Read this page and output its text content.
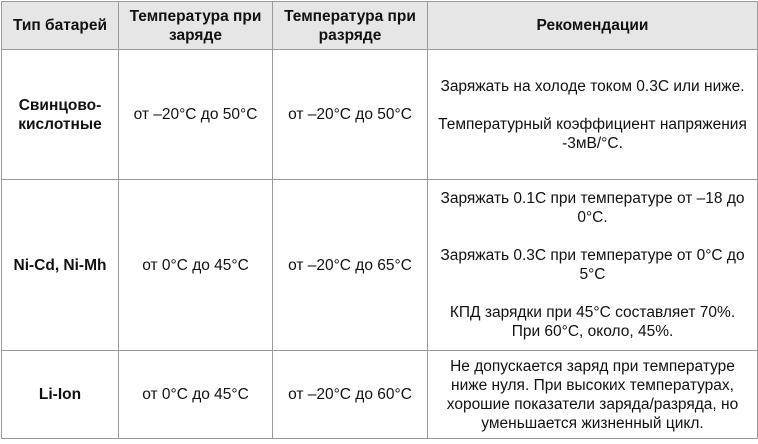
Тип батарей	Температура при заряде	Температура при разряде	Рекомендации
Свинцово-кислотные	от –20°C до 50°C	от –20°C до 50°C	Заряжать на холоде током 0.3C или ниже.

Температурный коэффициент напряжения -3мВ/°C.

Ni-Cd, Ni-Mh	от 0°C до 45°C	от –20°C до 65°C	Заряжать 0.1C при температуре от –18 до 0°C.

Заряжать 0.3C при температуре от 0°C до 5°C

КПД зарядки при 45°C составляет 70%. При 60°C, около, 45%.

Li-Ion	от 0°C до 45°C	от –20°C до 60°C	Не допускается заряд при температуре ниже нуля. При высоких температурах, хорошие показатели заряда/разряда, но уменьшается жизненный цикл.
